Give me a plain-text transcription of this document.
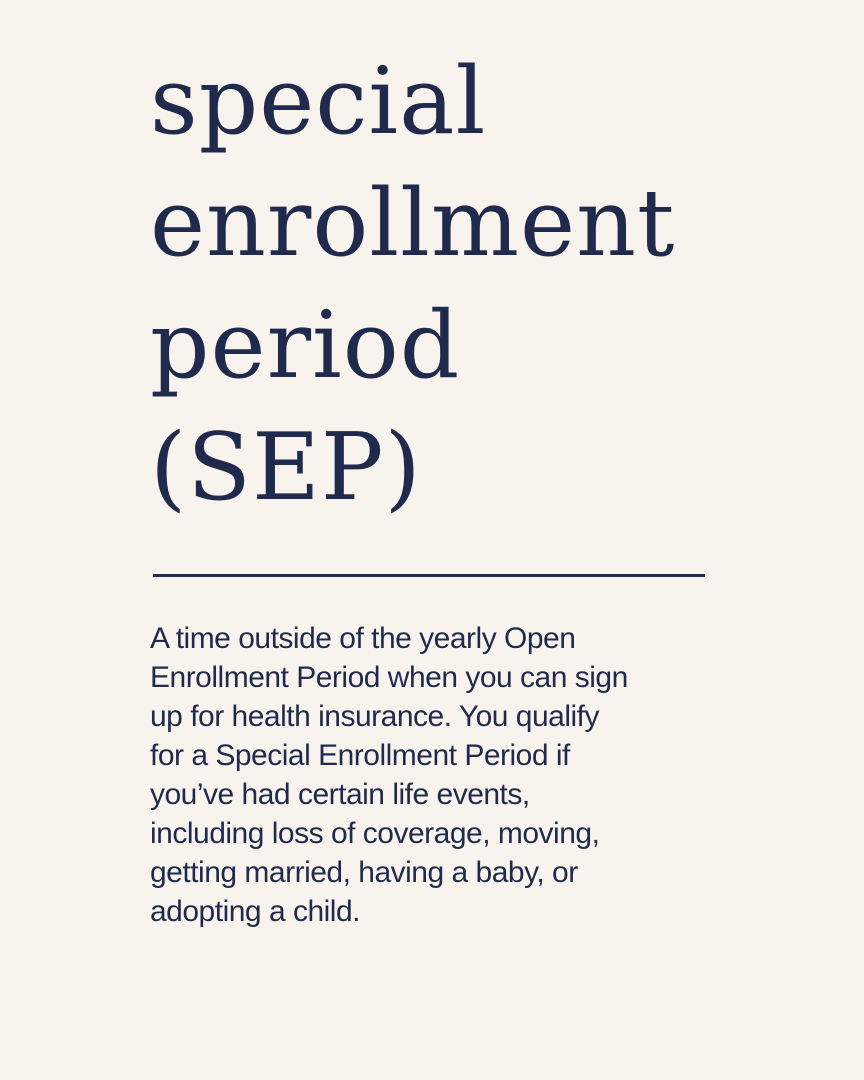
special
enrollment
period
(SEP)

A time outside of the yearly Open
Enrollment Period when you can sign
up for health insurance. You qualify
for a Special Enrollment Period if
you’ve had certain life events,
including loss of coverage, moving,
getting married, having a baby, or
adopting a child.
